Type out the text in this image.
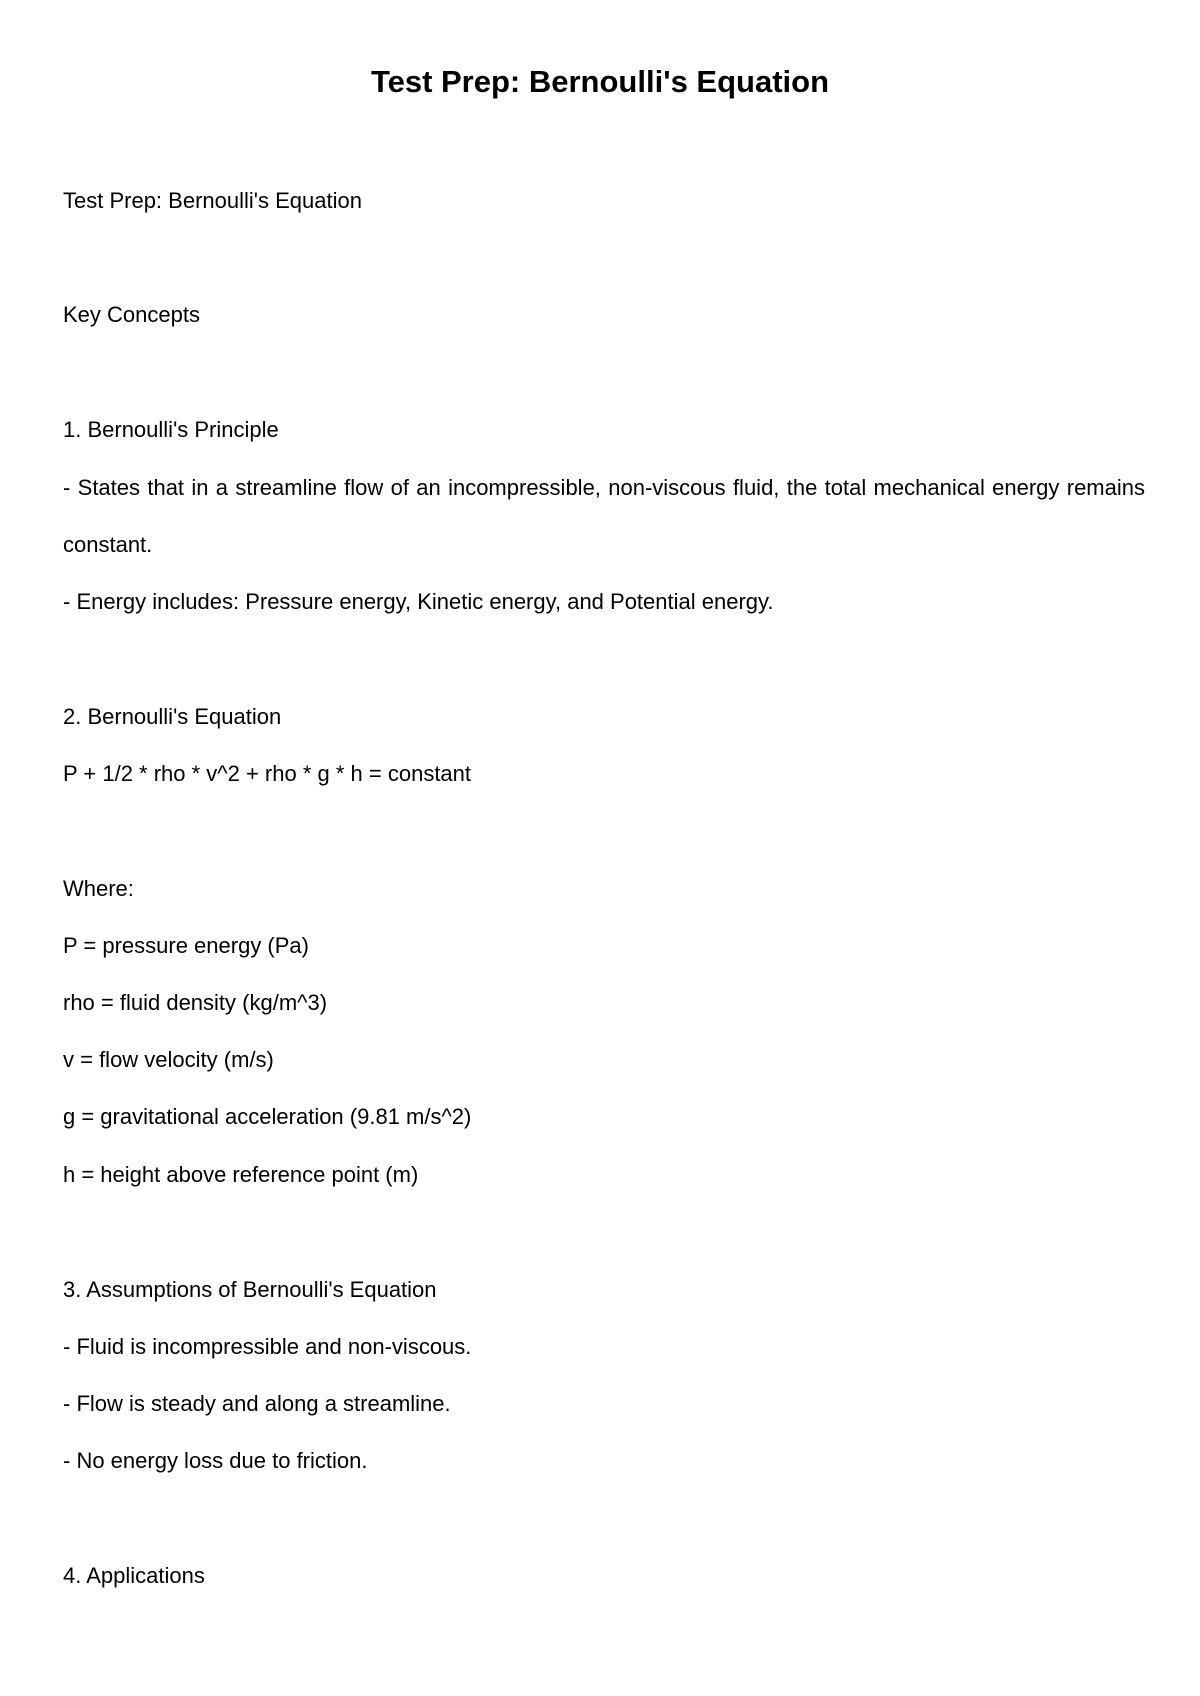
Test Prep: Bernoulli's Equation
Test Prep: Bernoulli's Equation
Key Concepts
1. Bernoulli's Principle
- States that in a streamline flow of an incompressible, non-viscous fluid, the total mechanical energy remains constant.
- Energy includes: Pressure energy, Kinetic energy, and Potential energy.
2. Bernoulli's Equation
P + 1/2 * rho * v^2 + rho * g * h = constant
Where:
P = pressure energy (Pa)
rho = fluid density (kg/m^3)
v = flow velocity (m/s)
g = gravitational acceleration (9.81 m/s^2)
h = height above reference point (m)
3. Assumptions of Bernoulli's Equation
- Fluid is incompressible and non-viscous.
- Flow is steady and along a streamline.
- No energy loss due to friction.
4. Applications
